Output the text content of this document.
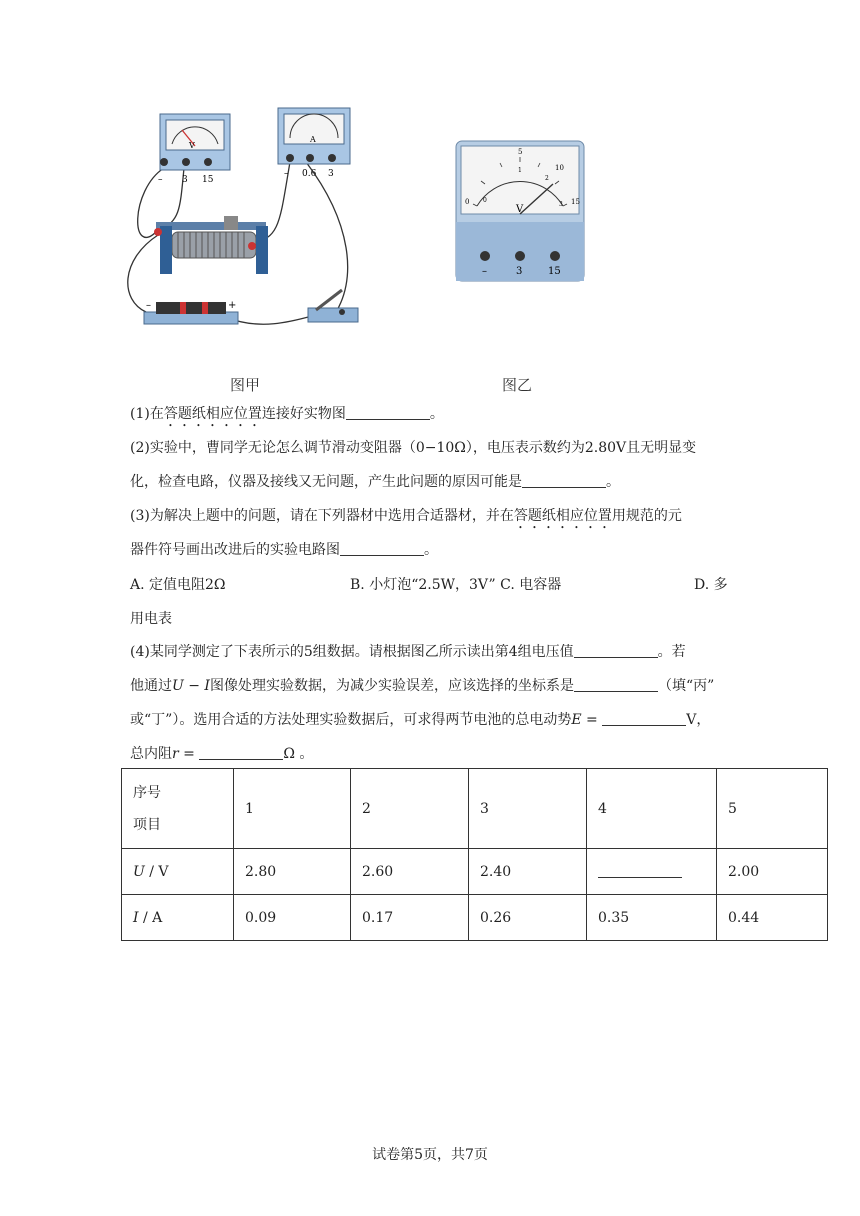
V
– 3 15
A
– 0.6 3
–	+
图甲
0
5
10
15
0
1
2
3
V
–	3	15
图乙
(1)在答题纸相应位置连接好实物图	。
(2)实验中，曹同学无论怎么调节滑动变阻器（0−10Ω），电压表示数约为2.80V且无明显变
化，检查电路，仪器及接线又无问题，产生此问题的原因可能是	。
(3)为解决上题中的问题，请在下列器材中选用合适器材，并在答题纸相应位置用规范的元
器件符号画出改进后的实验电路图	。
A. 定值电阻2Ω	B. 小灯泡“2.5W，3V” C. 电容器	D. 多
用电表
(4)某同学测定了下表所示的5组数据。请根据图乙所示读出第4组电压值	。若
他通过U − I图像处理实验数据，为减少实验误差，应该选择的坐标系是	（填“丙”
或“丁”）。选用合适的方法处理实验数据后，可求得两节电池的总电动势E =	V，
总内阻r =	Ω 。
序号
项目	1	2	3	4	5
U / V	2.80	2.60	2.40		2.00
I / A	0.09	0.17	0.26	0.35	0.44
试卷第5页，共7页
